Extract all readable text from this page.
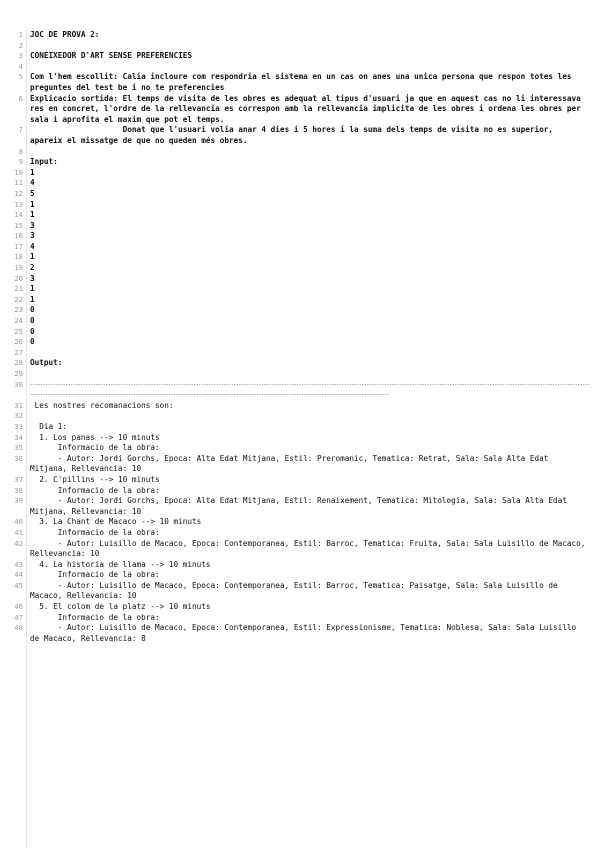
1 JOC DE PROVA 2:
2
3 CONEIXEDOR D'ART SENSE PREFERENCIES
4
5 Com l'hem escollit: Calia incloure com respondria el sistema en un cas on anes una unica persona que respon totes les preguntes del test be i no te preferencies
6 Explicacio sortida: El temps de visita de les obres es adequat al tipus d'usuari ja que en aquest cas no li interessava res en concret, l'ordre de la rellevancia es correspon amb la rellevancia implicita de les obres i ordena les obres per sala i aprofita el maxim que pot el temps.
7 Donat que l'usuari volia anar 4 dies i 5 hores i la suma dels temps de visita no es superior, apareix el missatge de que no queden més obres.
8
9 Input:
10 1
11 4
12 5
13 1
14 1
15 3
16 3
17 4
18 1
19 2
20 3
21 1
22 1
23 0
24 0
25 0
26 0
27
28 Output:
29
30	------------------------------------------------------------------------------------------------------------------------------------------------------------------------------------------------------------------------------------------------------------------------------------------------------------------------------------------------------------------------------
31 Les nostres recomanacions son:
32
33 Dia 1:
34 1. Los panas --> 10 minuts
35 Informacio de la obra:
36 - Autor: Jordi Gorchs, Epoca: Alta Edat Mitjana, Estil: Preromanic, Tematica: Retrat, Sala: Sala Alta Edat Mitjana, Rellevancia: 10
37 2. C'pillins --> 10 minuts
38 Informacio de la obra:
39 - Autor: Jordi Gorchs, Epoca: Alta Edat Mitjana, Estil: Renaixement, Tematica: Mitologia, Sala: Sala Alta Edat Mitjana, Rellevancia: 10
40 3. La Chant de Macaco --> 10 minuts
41 Informacio de la obra:
42 - Autor: Luisillo de Macaco, Epoca: Contemporanea, Estil: Barroc, Tematica: Fruita, Sala: Sala Luisillo de Macaco, Rellevancia: 10
43 4. La historia de llama --> 10 minuts
44 Informacio de la obra:
45 - Autor: Luisillo de Macaco, Epoca: Contemporanea, Estil: Barroc, Tematica: Paisatge, Sala: Sala Luisillo de Macaco, Rellevancia: 10
46 5. El colom de la platz --> 10 minuts
47 Informacio de la obra:
48 - Autor: Luisillo de Macaco, Epoca: Contemporanea, Estil: Expressionisme, Tematica: Noblesa, Sala: Sala Luisillo de Macaco, Rellevancia: 8
